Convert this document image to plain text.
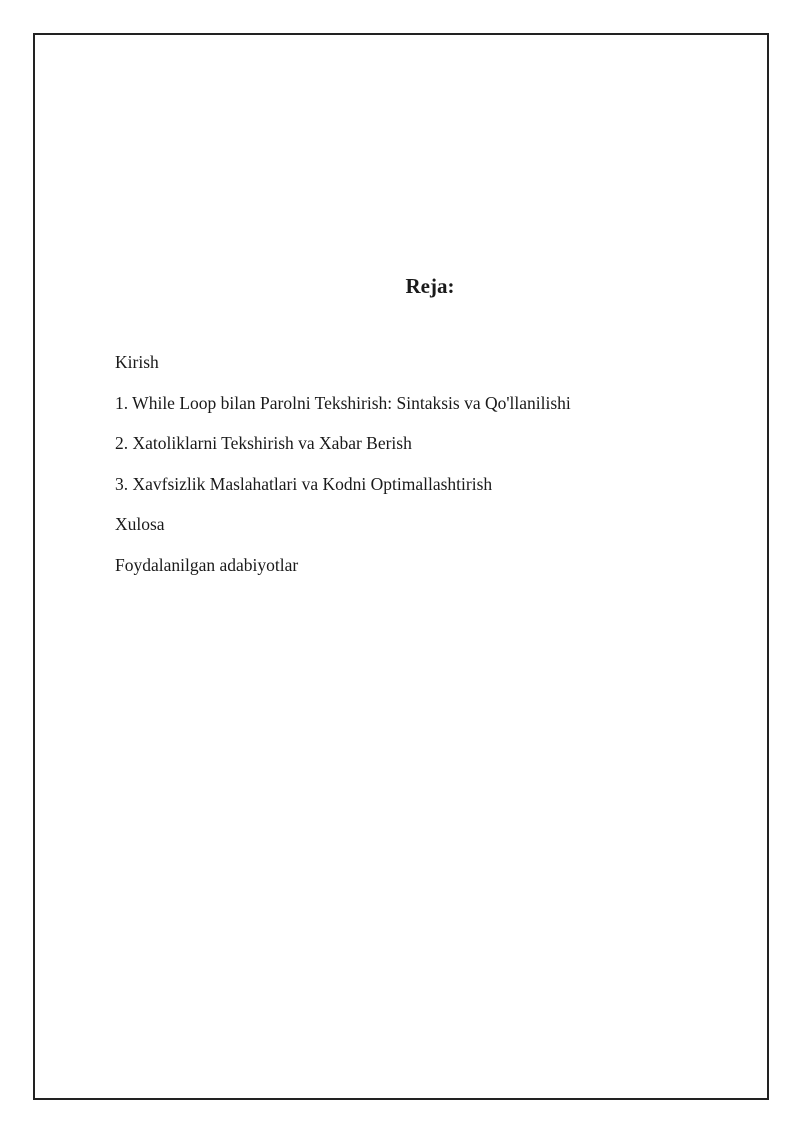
Reja:
Kirish
1. While Loop bilan Parolni Tekshirish: Sintaksis va Qo'llanilishi
2. Xatoliklarni Tekshirish va Xabar Berish
3. Xavfsizlik Maslahatlari va Kodni Optimallashtirish
Xulosa
Foydalanilgan adabiyotlar
